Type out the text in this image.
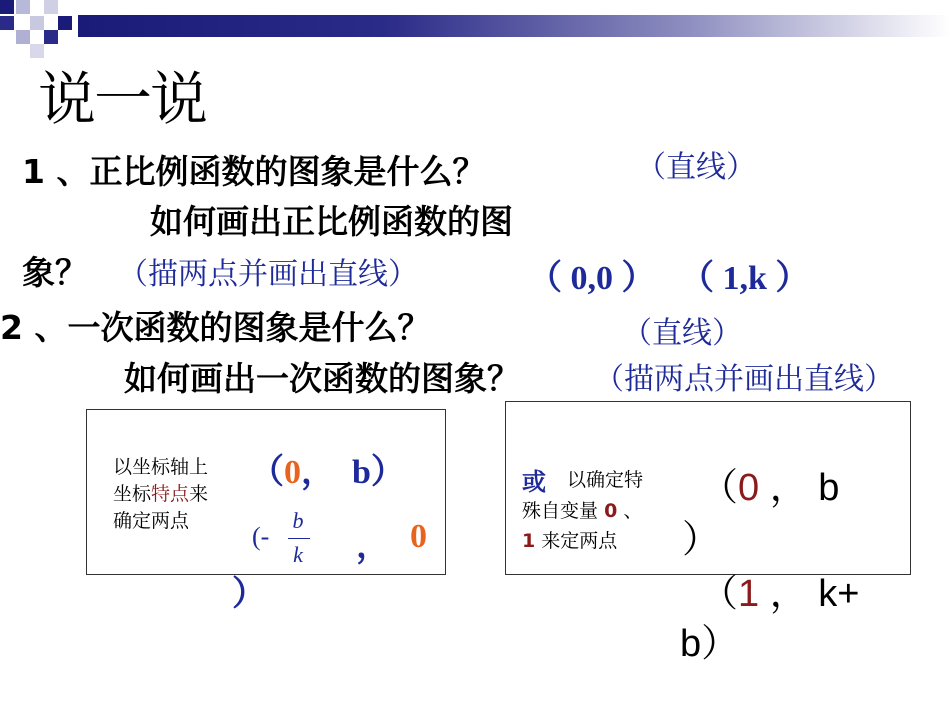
说一说
1 、正比例函数的图象是什么？	（直线）
如何画出正比例函数的图
象？ （描两点并画出直线）	（ 0,0 ） （ 1,k ）
2 、一次函数的图象是什么？	（直线）
如何画出一次函数的图象？ （描两点并画出直线）
以坐标轴上
坐标特点来
确定两点
（0， b）
(-
b
k ， 0
）
或 以确定特
殊自变量 0 、
1 来定两点
（0 ， b
）
（1 ， k+
b）
